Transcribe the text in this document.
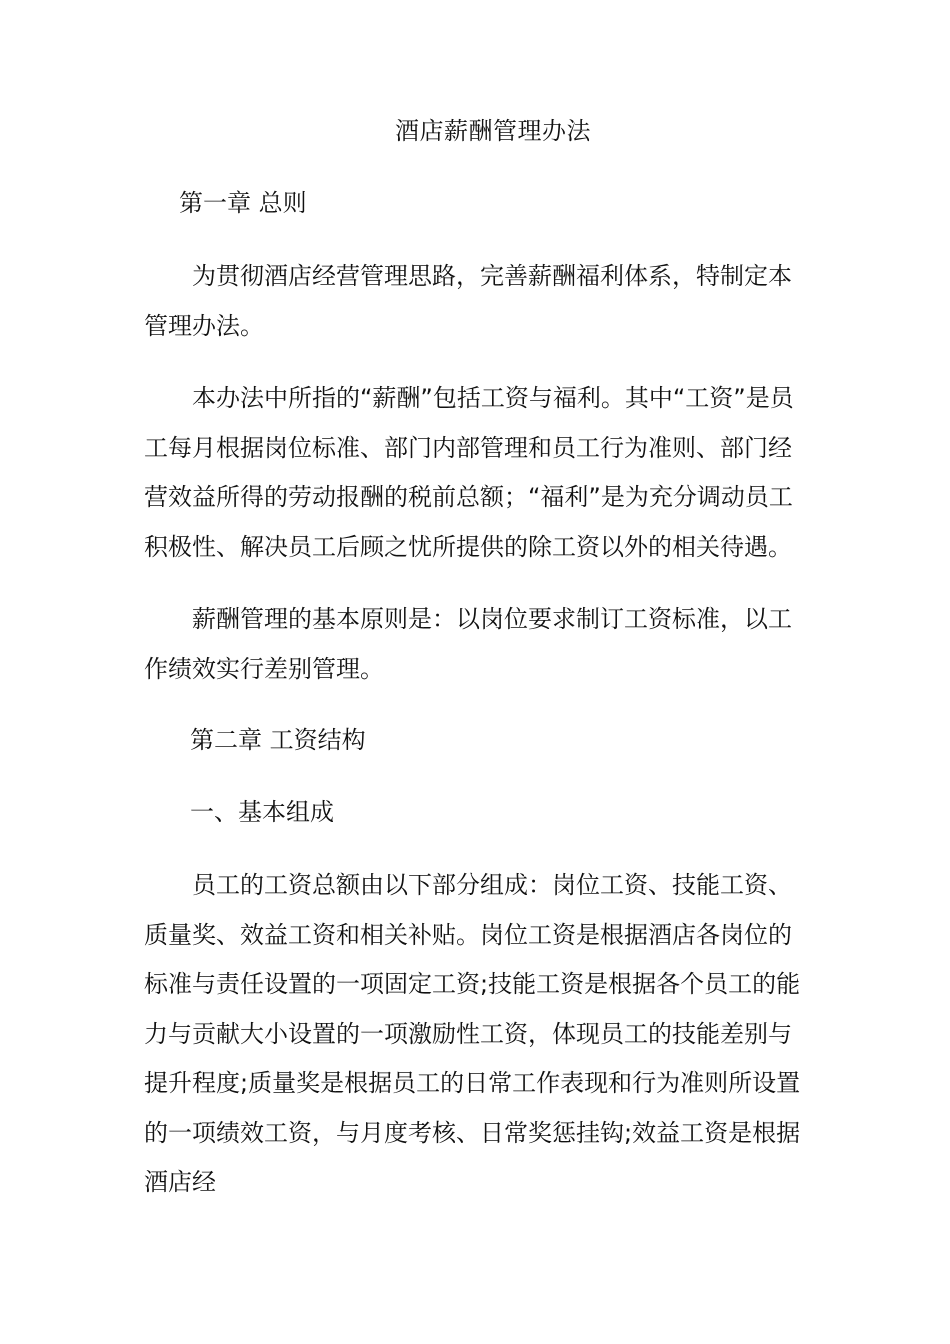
酒店薪酬管理办法

第一章 总则

为贯彻酒店经营管理思路，完善薪酬福利体系，特制定本管理办法。

本办法中所指的“薪酬”包括工资与福利。其中“工资”是员工每月根据岗位标准、部门内部管理和员工行为准则、部门经营效益所得的劳动报酬的税前总额；“福利”是为充分调动员工积极性、解决员工后顾之忧所提供的除工资以外的相关待遇。

薪酬管理的基本原则是：以岗位要求制订工资标准，以工作绩效实行差别管理。

第二章 工资结构

一、基本组成

员工的工资总额由以下部分组成：岗位工资、技能工资、质量奖、效益工资和相关补贴。岗位工资是根据酒店各岗位的标准与责任设置的一项固定工资;技能工资是根据各个员工的能力与贡献大小设置的一项激励性工资，体现员工的技能差别与提升程度;质量奖是根据员工的日常工作表现和行为准则所设置的一项绩效工资，与月度考核、日常奖惩挂钩;效益工资是根据酒店经
